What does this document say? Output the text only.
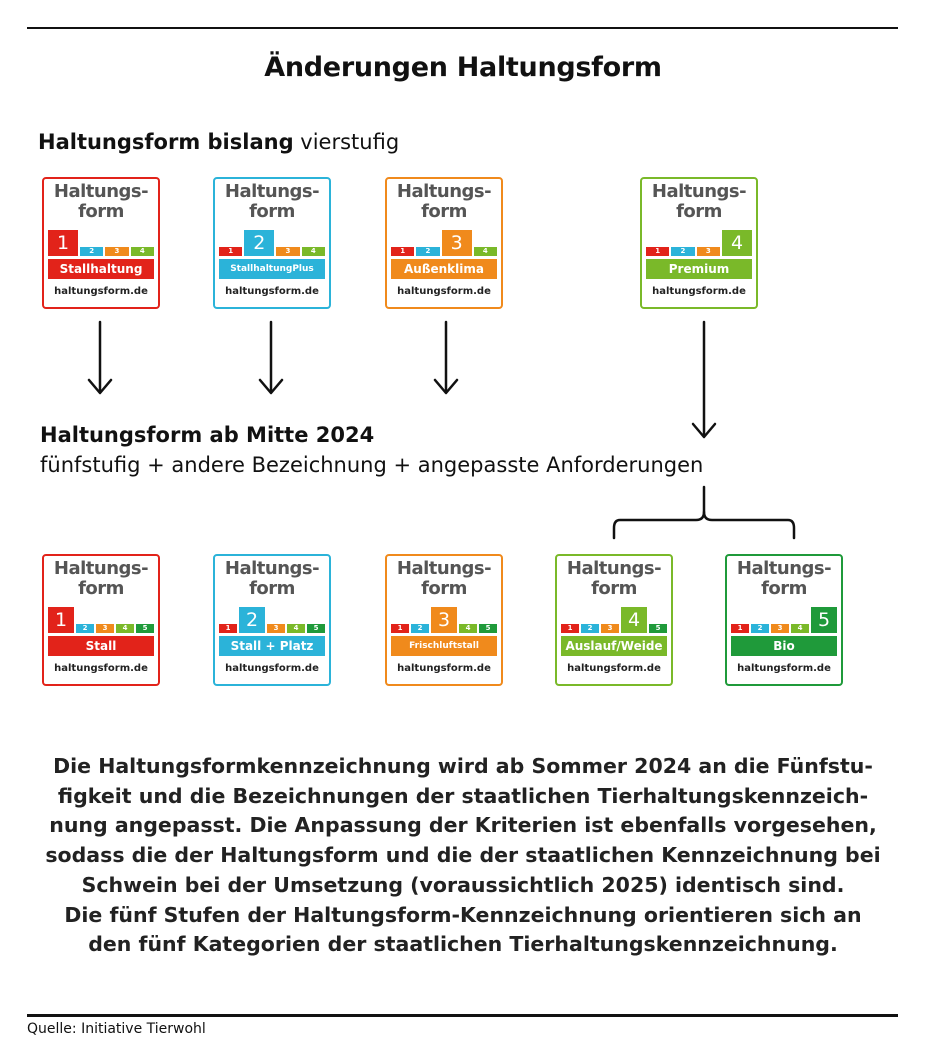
Änderungen Haltungsform
Haltungsform bislang vierstufig
Haltungs-
form
1	2	3	4
Stallhaltung
haltungsform.de
Haltungs-
form
1	2	3	4
StallhaltungPlus
haltungsform.de
Haltungs-
form
1	2	3	4
Außenklima
haltungsform.de
Haltungs-
form
1	2	3	4
Premium
haltungsform.de
Haltungsform ab Mitte 2024
fünfstufig + andere Bezeichnung + angepasste Anforderungen
Haltungs-
form
1	2	3	4	5
Stall
haltungsform.de
Haltungs-
form
1 2	3	4	5
Stall + Platz
haltungsform.de
Haltungs-
form
1	2 3	4	5
Frischluftstall
haltungsform.de
Haltungs-
form
1	2	3 4	5
Auslauf/Weide
haltungsform.de
Haltungs-
form
1	2	3	4 5
Bio
haltungsform.de
Die Haltungsformkennzeichnung wird ab Sommer 2024 an die Fünfstu-
figkeit und die Bezeichnungen der staatlichen Tierhaltungskennzeich-
nung angepasst. Die Anpassung der Kriterien ist ebenfalls vorgesehen,
sodass die der Haltungsform und die der staatlichen Kennzeichnung bei
Schwein bei der Umsetzung (voraussichtlich 2025) identisch sind.
Die fünf Stufen der Haltungsform-Kennzeichnung orientieren sich an
den fünf Kategorien der staatlichen Tierhaltungskennzeichnung.
Quelle: Initiative Tierwohl
